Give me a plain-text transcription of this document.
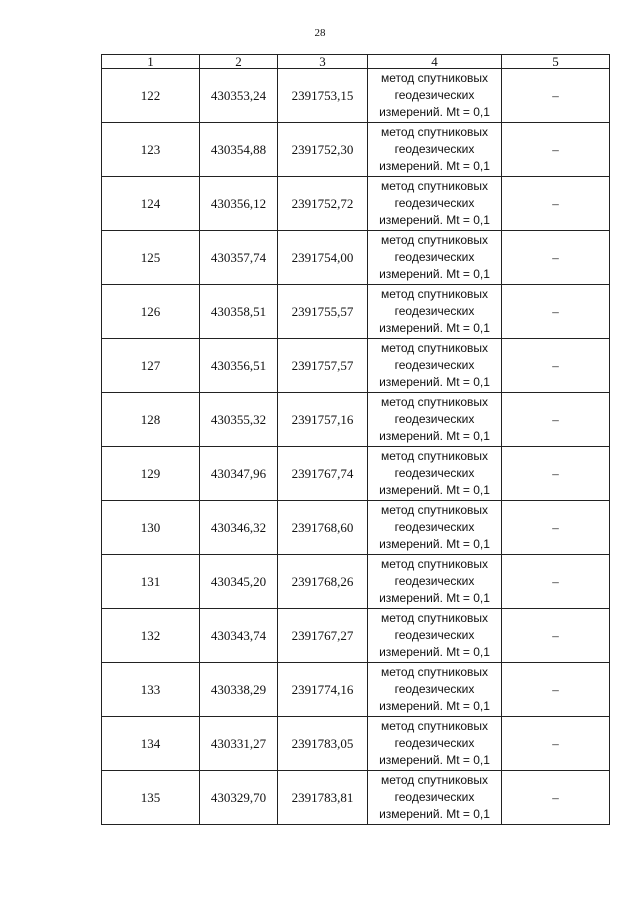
28
1	2	3	4	5
122	430353,24	2391753,15	метод спутниковых
геодезических
измерений. Mt = 0,1	–
123	430354,88	2391752,30	метод спутниковых
геодезических
измерений. Mt = 0,1	–
124	430356,12	2391752,72	метод спутниковых
геодезических
измерений. Mt = 0,1	–
125	430357,74	2391754,00	метод спутниковых
геодезических
измерений. Mt = 0,1	–
126	430358,51	2391755,57	метод спутниковых
геодезических
измерений. Mt = 0,1	–
127	430356,51	2391757,57	метод спутниковых
геодезических
измерений. Mt = 0,1	–
128	430355,32	2391757,16	метод спутниковых
геодезических
измерений. Mt = 0,1	–
129	430347,96	2391767,74	метод спутниковых
геодезических
измерений. Mt = 0,1	–
130	430346,32	2391768,60	метод спутниковых
геодезических
измерений. Mt = 0,1	–
131	430345,20	2391768,26	метод спутниковых
геодезических
измерений. Mt = 0,1	–
132	430343,74	2391767,27	метод спутниковых
геодезических
измерений. Mt = 0,1	–
133	430338,29	2391774,16	метод спутниковых
геодезических
измерений. Mt = 0,1	–
134	430331,27	2391783,05	метод спутниковых
геодезических
измерений. Mt = 0,1	–
135	430329,70	2391783,81	метод спутниковых
геодезических
измерений. Mt = 0,1	–
